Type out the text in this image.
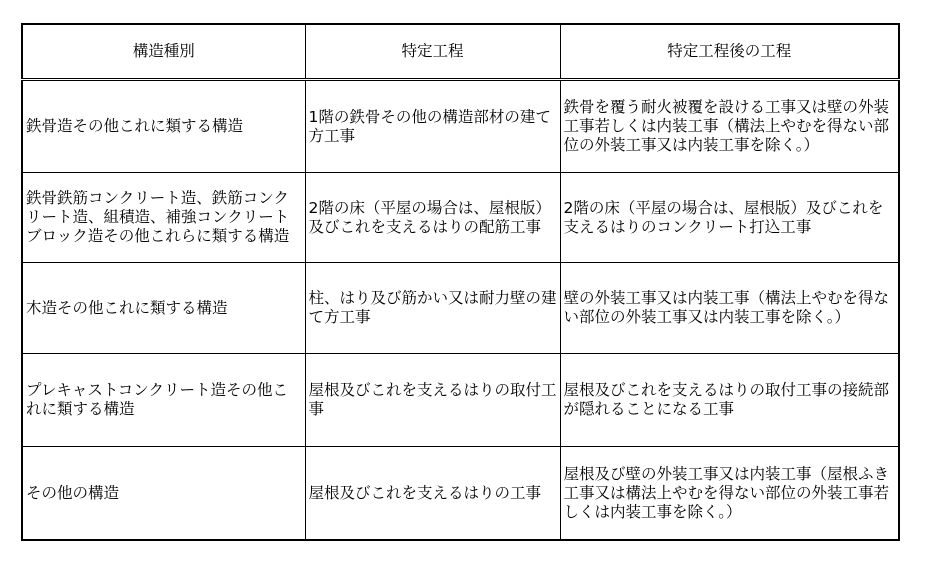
構造種別	特定工程	特定工程後の工程
鉄骨造その他これに類する構造	1階の鉄骨その他の構造部材の建て方工事	鉄骨を覆う耐火被覆を設ける工事又は壁の外装工事若しくは内装工事（構法上やむを得ない部位の外装工事又は内装工事を除く。）
鉄骨鉄筋コンクリート造、鉄筋コンクリート造、組積造、補強コンクリートブロック造その他これらに類する構造	2階の床（平屋の場合は、屋根版）及びこれを支えるはりの配筋工事	2階の床（平屋の場合は、屋根版）及びこれを支えるはりのコンクリート打込工事
木造その他これに類する構造	柱、はり及び筋かい又は耐力壁の建て方工事	壁の外装工事又は内装工事（構法上やむを得ない部位の外装工事又は内装工事を除く。）
プレキャストコンクリート造その他これに類する構造	屋根及びこれを支えるはりの取付工事	屋根及びこれを支えるはりの取付工事の接続部が隠れることになる工事
その他の構造	屋根及びこれを支えるはりの工事	屋根及び壁の外装工事又は内装工事（屋根ふき工事又は構法上やむを得ない部位の外装工事若しくは内装工事を除く。）
